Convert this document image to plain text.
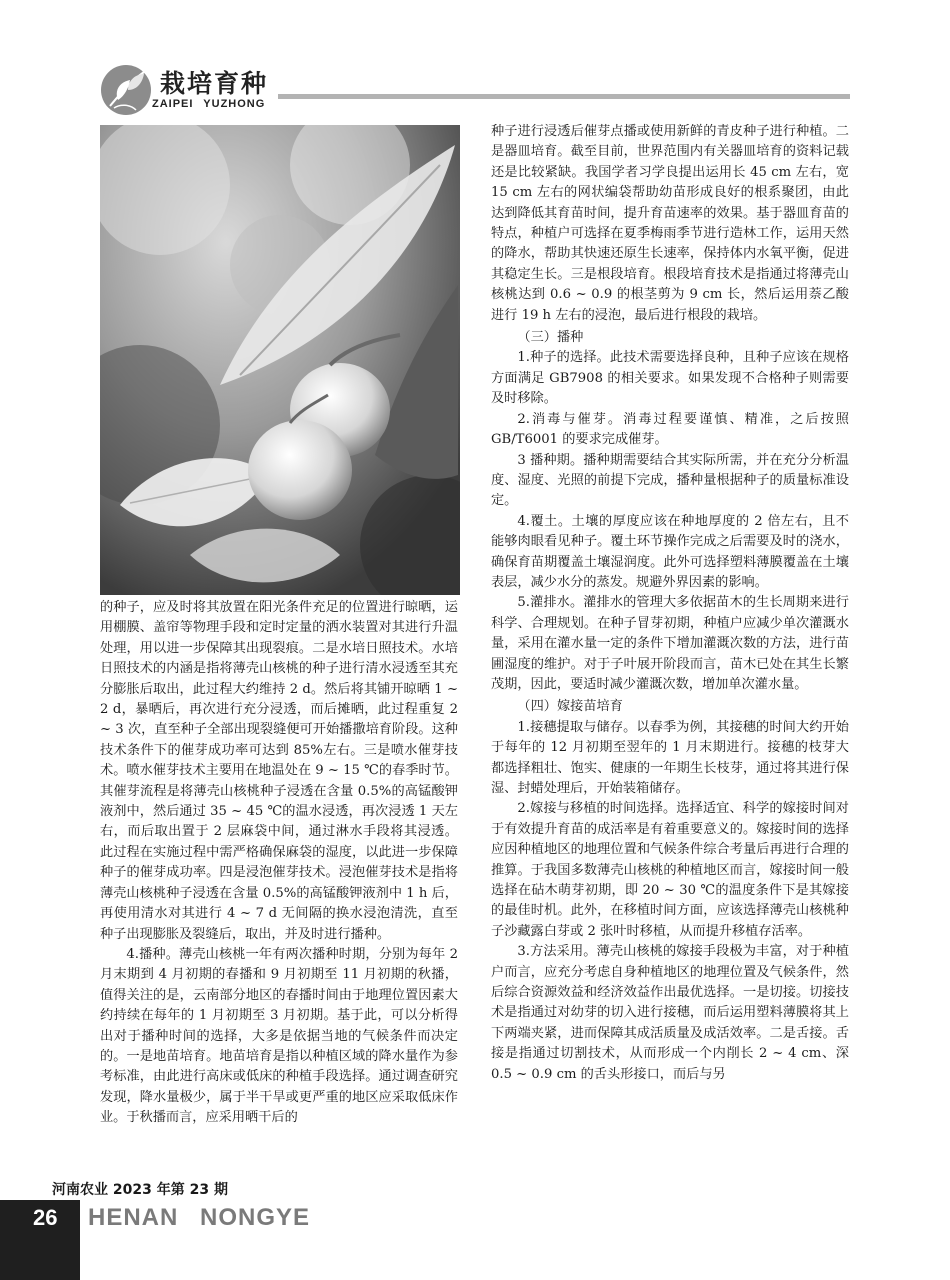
栽培育种
ZAIPEI YUZHONG

的种子，应及时将其放置在阳光条件充足的位置进行晾晒，运用棚膜、盖帘等物理手段和定时定量的洒水装置对其进行升温处理，用以进一步保障其出现裂痕。二是水培日照技术。水培日照技术的内涵是指将薄壳山核桃的种子进行清水浸透至其充分膨胀后取出，此过程大约维持 2 d。然后将其铺开晾晒 1 ~ 2 d，暴晒后，再次进行充分浸透，而后摊晒，此过程重复 2 ~ 3 次，直至种子全部出现裂缝便可开始播撒培育阶段。这种技术条件下的催芽成功率可达到 85%左右。三是喷水催芽技术。喷水催芽技术主要用在地温处在 9 ~ 15 ℃的春季时节。其催芽流程是将薄壳山核桃种子浸透在含量 0.5%的高锰酸钾液剂中，然后通过 35 ~ 45 ℃的温水浸透，再次浸透 1 天左右，而后取出置于 2 层麻袋中间，通过淋水手段将其浸透。此过程在实施过程中需严格确保麻袋的湿度，以此进一步保障种子的催芽成功率。四是浸泡催芽技术。浸泡催芽技术是指将薄壳山核桃种子浸透在含量 0.5%的高锰酸钾液剂中 1 h 后，再使用清水对其进行 4 ~ 7 d 无间隔的换水浸泡清洗，直至种子出现膨胀及裂缝后，取出，并及时进行播种。

4.播种。薄壳山核桃一年有两次播种时期，分别为每年 2 月末期到 4 月初期的春播和 9 月初期至 11 月初期的秋播，值得关注的是，云南部分地区的春播时间由于地理位置因素大约持续在每年的 1 月初期至 3 月初期。基于此，可以分析得出对于播种时间的选择，大多是依据当地的气候条件而决定的。一是地苗培育。地苗培育是指以种植区域的降水量作为参考标准，由此进行高床或低床的种植手段选择。通过调查研究发现，降水量极少，属于半干旱或更严重的地区应采取低床作业。于秋播而言，应采用晒干后的

种子进行浸透后催芽点播或使用新鲜的青皮种子进行种植。二是器皿培育。截至目前，世界范围内有关器皿培育的资料记载还是比较紧缺。我国学者习学良提出运用长 45 cm 左右，宽 15 cm 左右的网状编袋帮助幼苗形成良好的根系聚团，由此达到降低其育苗时间，提升育苗速率的效果。基于器皿育苗的特点，种植户可选择在夏季梅雨季节进行造林工作，运用天然的降水，帮助其快速还原生长速率，保持体内水氧平衡，促进其稳定生长。三是根段培育。根段培育技术是指通过将薄壳山核桃达到 0.6 ~ 0.9 的根茎剪为 9 cm 长，然后运用萘乙酸进行 19 h 左右的浸泡，最后进行根段的栽培。

（三）播种

1.种子的选择。此技术需要选择良种，且种子应该在规格方面满足 GB7908 的相关要求。如果发现不合格种子则需要及时移除。

2.消毒与催芽。消毒过程要谨慎、精准，之后按照 GB/T6001 的要求完成催芽。

3 播种期。播种期需要结合其实际所需，并在充分分析温度、湿度、光照的前提下完成，播种量根据种子的质量标准设定。

4.覆土。土壤的厚度应该在种地厚度的 2 倍左右，且不能够肉眼看见种子。覆土环节操作完成之后需要及时的浇水，确保育苗期覆盖土壤湿润度。此外可选择塑料薄膜覆盖在土壤表层，减少水分的蒸发。规避外界因素的影响。

5.灌排水。灌排水的管理大多依据苗木的生长周期来进行科学、合理规划。在种子冒芽初期，种植户应减少单次灌溉水量，采用在灌水量一定的条件下增加灌溉次数的方法，进行苗圃湿度的维护。对于子叶展开阶段而言，苗木已处在其生长繁茂期，因此，要适时减少灌溉次数，增加单次灌水量。

（四）嫁接苗培育

1.接穗提取与储存。以春季为例，其接穗的时间大约开始于每年的 12 月初期至翌年的 1 月末期进行。接穗的枝芽大都选择粗壮、饱实、健康的一年期生长枝芽，通过将其进行保湿、封蜡处理后，开始装箱储存。

2.嫁接与移植的时间选择。选择适宜、科学的嫁接时间对于有效提升育苗的成活率是有着重要意义的。嫁接时间的选择应因种植地区的地理位置和气候条件综合考量后再进行合理的推算。于我国多数薄壳山核桃的种植地区而言，嫁接时间一般选择在砧木萌芽初期，即 20 ~ 30 ℃的温度条件下是其嫁接的最佳时机。此外，在移植时间方面，应该选择薄壳山核桃种子沙藏露白芽或 2 张叶时移植，从而提升移植存活率。

3.方法采用。薄壳山核桃的嫁接手段极为丰富，对于种植户而言，应充分考虑自身种植地区的地理位置及气候条件，然后综合资源效益和经济效益作出最优选择。一是切接。切接技术是指通过对幼芽的切入进行接穗，而后运用塑料薄膜将其上下两端夹紧，进而保障其成活质量及成活效率。二是舌接。舌接是指通过切割技术，从而形成一个内削长 2 ~ 4 cm、深 0.5 ~ 0.9 cm 的舌头形接口，而后与另

河南农业 2023 年第 23 期
26	HENAN NONGYE
